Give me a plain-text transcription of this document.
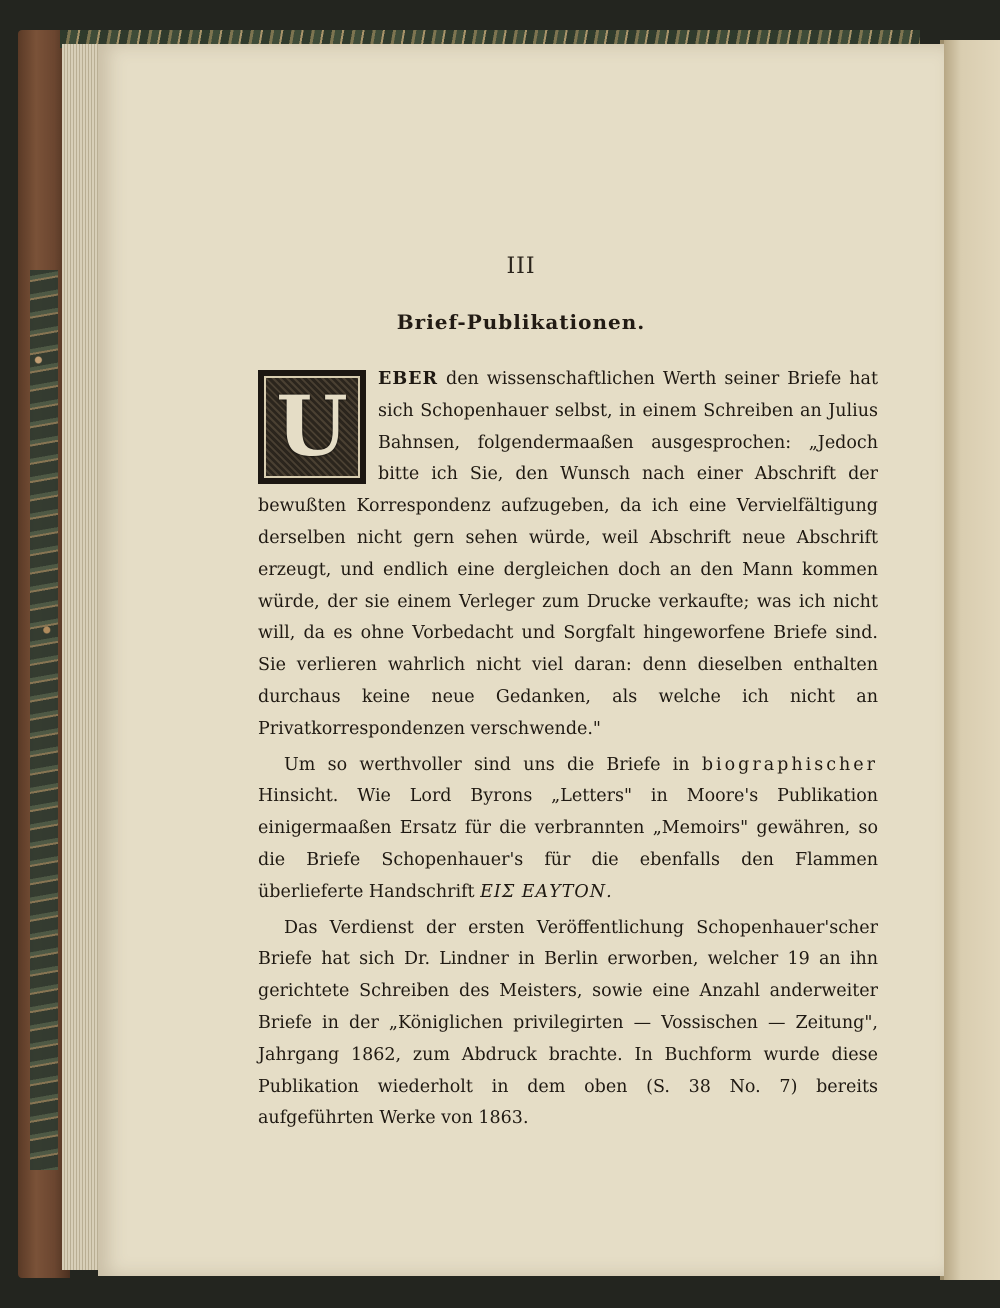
III
Brief-Publikationen.

U EBER den wissenschaftlichen Werth seiner Briefe hat sich Schopenhauer selbst, in einem Schreiben an Julius Bahnsen, folgendermaaßen ausgesprochen: „Jedoch bitte ich Sie, den Wunsch nach einer Abschrift der bewußten Korrespondenz aufzugeben, da ich eine Vervielfältigung derselben nicht gern sehen würde, weil Abschrift neue Abschrift erzeugt, und endlich eine dergleichen doch an den Mann kommen würde, der sie einem Verleger zum Drucke verkaufte; was ich nicht will, da es ohne Vorbedacht und Sorgfalt hingeworfene Briefe sind. Sie verlieren wahrlich nicht viel daran: denn dieselben enthalten durchaus keine neue Gedanken, als welche ich nicht an Privatkorrespondenzen verschwende."

Um so werthvoller sind uns die Briefe in biographischer Hinsicht. Wie Lord Byrons „Letters" in Moore's Publikation einigermaaßen Ersatz für die verbrannten „Memoirs" gewähren, so die Briefe Schopenhauer's für die ebenfalls den Flammen überlieferte Handschrift ΕΙΣ ΕΑΥΤΟΝ.

Das Verdienst der ersten Veröffentlichung Schopenhauer'scher Briefe hat sich Dr. Lindner in Berlin erworben, welcher 19 an ihn gerichtete Schreiben des Meisters, sowie eine Anzahl anderweiter Briefe in der „Königlichen privilegirten — Vossischen — Zeitung", Jahrgang 1862, zum Abdruck brachte. In Buchform wurde diese Publikation wiederholt in dem oben (S. 38 No. 7) bereits aufgeführten Werke von 1863.
